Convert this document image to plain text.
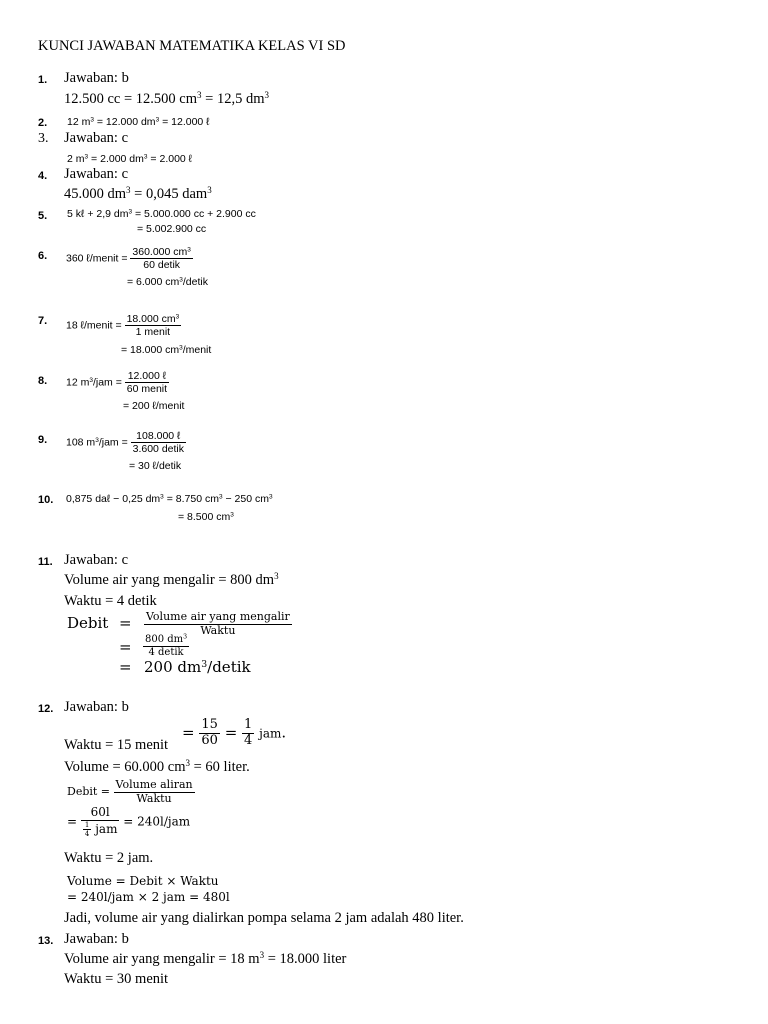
KUNCI JAWABAN MATEMATIKA KELAS VI SD
1. Jawaban: b
12.500 cc = 12.500 $cm^3 = 12,5$ $dm^3$
2. 12 $m^3 = 12.000$ $dm^3 = 12.000$ ℓ
3. Jawaban: c
2 $m^3 = 2.000$ $dm^3 = 2.000$ ℓ
4. Jawaban: c
45.000 $dm^3 = 0,045$ dam$^3$
5. 5 kℓ + 2,9 $dm^3 = 5.000.000$ cc + 2.900 cc
= 5.002.900 cc
6. 360 ℓ/menit = $\frac{360.000 cm^3}{\text{60 detik}}$
= 6.000 $cm^3$/detik
7. 18 ℓ/menit = $\frac{18.000 cm^3}{\text{1 menit}}$
= 18.000 $cm^3$/menit
8. 12 $m^3$/jam = $\frac{\text{12.000 ℓ}}{\text{60 menit}}$
= 200 ℓ/menit
9. 108 $m^3$/jam = $\frac{\text{108.000 ℓ}}{\text{3.600 detik}}$
= 30 ℓ/detik
10. 0,875 daℓ − 0,25 $dm^3 = 8.750$ $cm^3 - 250$ $cm^3$
= 8.500 $cm^3$
11. Jawaban: c
Volume air yang mengalir = 800 $dm^3$
Waktu = 4 detik
Debit = $\frac{\text{Volume air yang mengalir}}{\text{Waktu}}$
= $\frac{800 dm^3}{\text{4 detik}}$
= 200 $dm^3$/detik
12. Jawaban: b
Waktu = 15 menit
= $\frac{15}{60} = \frac{1}{4}$ jam.
Volume = 60.000 $cm^3 = 60$ liter.
Debit = $\frac{\text{Volume aliran}}{\text{Waktu}}$
= $\frac{60l}{\frac{1}{4} jam} = 240l/jam$
Waktu = 2 jam.
Volume = Debit × Waktu
= 240l/jam × 2 jam = 480l
Jadi, volume air yang dialirkan pompa selama 2 jam adalah 480 liter.
13. Jawaban: b
Volume air yang mengalir = 18 $m^3 = 18.000$ liter
Waktu = 30 menit
